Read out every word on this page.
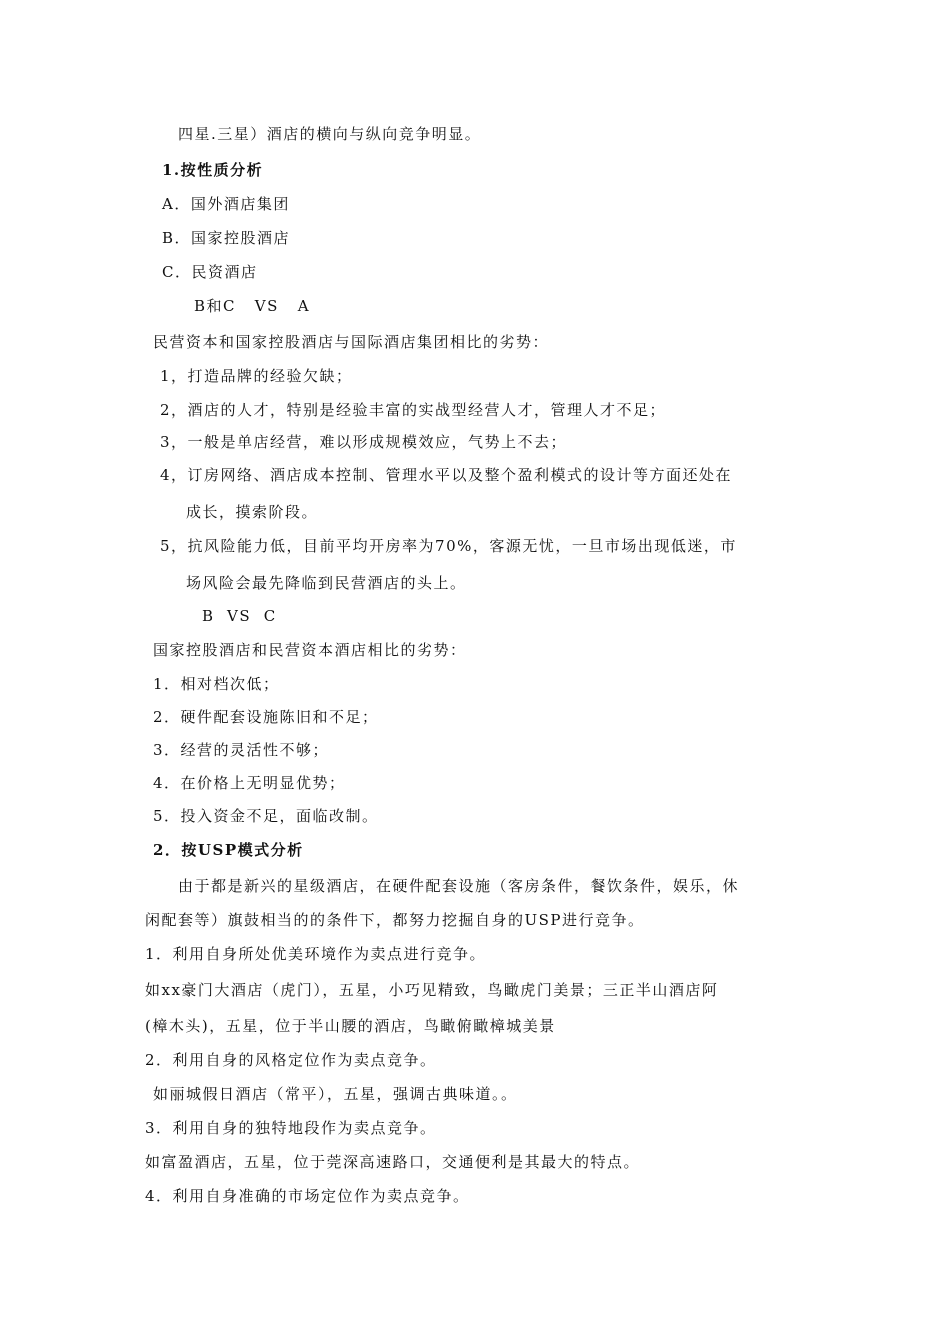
四星.三星）酒店的横向与纵向竞争明显。
1.按性质分析
A．国外酒店集团
B．国家控股酒店
C．民资酒店
B和C   VS   A
民营资本和国家控股酒店与国际酒店集团相比的劣势：
1，打造品牌的经验欠缺；
2，酒店的人才，特别是经验丰富的实战型经营人才，管理人才不足；
3，一般是单店经营，难以形成规模效应，气势上不去；
4，订房网络、酒店成本控制、管理水平以及整个盈利模式的设计等方面还处在
成长，摸索阶段。
5，抗风险能力低，目前平均开房率为70%，客源无忧，一旦市场出现低迷，市
场风险会最先降临到民营酒店的头上。
B  VS  C
国家控股酒店和民营资本酒店相比的劣势：
1．相对档次低；
2．硬件配套设施陈旧和不足；
3．经营的灵活性不够；
4．在价格上无明显优势；
5．投入资金不足，面临改制。
2．按USP模式分析
由于都是新兴的星级酒店，在硬件配套设施（客房条件，餐饮条件，娱乐，休
闲配套等）旗鼓相当的的条件下，都努力挖掘自身的USP进行竞争。
1．利用自身所处优美环境作为卖点进行竞争。
如xx豪门大酒店（虎门），五星，小巧见精致，鸟瞰虎门美景；三正半山酒店阿
(樟木头)，五星，位于半山腰的酒店，鸟瞰俯瞰樟城美景
2．利用自身的风格定位作为卖点竞争。
如丽城假日酒店（常平），五星，强调古典味道。。
3．利用自身的独特地段作为卖点竞争。
如富盈酒店，五星，位于莞深高速路口，交通便利是其最大的特点。
4．利用自身准确的市场定位作为卖点竞争。
